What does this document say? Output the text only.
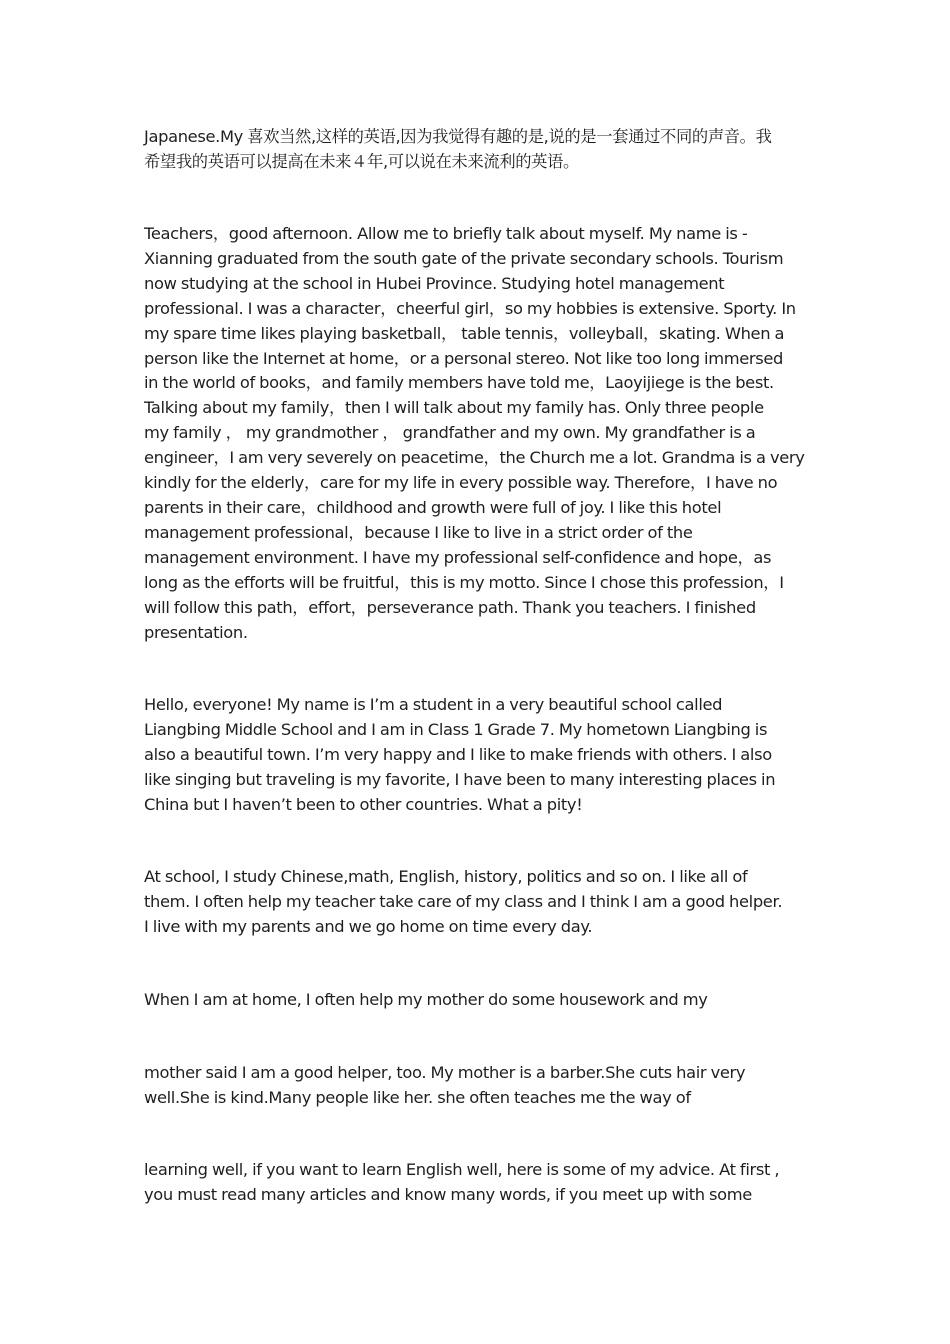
Japanese.My 喜欢当然,这样的英语,因为我觉得有趣的是,说的是一套通过不同的声音。我
希望我的英语可以提高在未来４年,可以说在未来流利的英语。

Teachers，good afternoon. Allow me to briefly talk about myself. My name is -
Xianning graduated from the south gate of the private secondary schools. Tourism
now studying at the school in Hubei Province. Studying hotel management
professional. I was a character，cheerful girl，so my hobbies is extensive. Sporty. In
my spare time likes playing basketball， table tennis，volleyball，skating. When a
person like the Internet at home，or a personal stereo. Not like too long immersed
in the world of books，and family members have told me，Laoyijiege is the best.
Talking about my family，then I will talk about my family has. Only three people
my family ， my grandmother ， grandfather and my own. My grandfather is a
engineer，I am very severely on peacetime，the Church me a lot. Grandma is a very
kindly for the elderly，care for my life in every possible way. Therefore，I have no
parents in their care，childhood and growth were full of joy. I like this hotel
management professional，because I like to live in a strict order of the
management environment. I have my professional self-confidence and hope，as
long as the efforts will be fruitful，this is my motto. Since I chose this profession，I
will follow this path，effort，perseverance path. Thank you teachers. I finished
presentation.

Hello, everyone! My name is I’m a student in a very beautiful school called
Liangbing Middle School and I am in Class 1 Grade 7. My hometown Liangbing is
also a beautiful town. I’m very happy and I like to make friends with others. I also
like singing but traveling is my favorite, I have been to many interesting places in
China but I haven’t been to other countries. What a pity!

At school, I study Chinese,math, English, history, politics and so on. I like all of
them. I often help my teacher take care of my class and I think I am a good helper.
I live with my parents and we go home on time every day.

When I am at home, I often help my mother do some housework and my

mother said I am a good helper, too. My mother is a barber.She cuts hair very
well.She is kind.Many people like her. she often teaches me the way of

learning well, if you want to learn English well, here is some of my advice. At first ,
you must read many articles and know many words, if you meet up with some
